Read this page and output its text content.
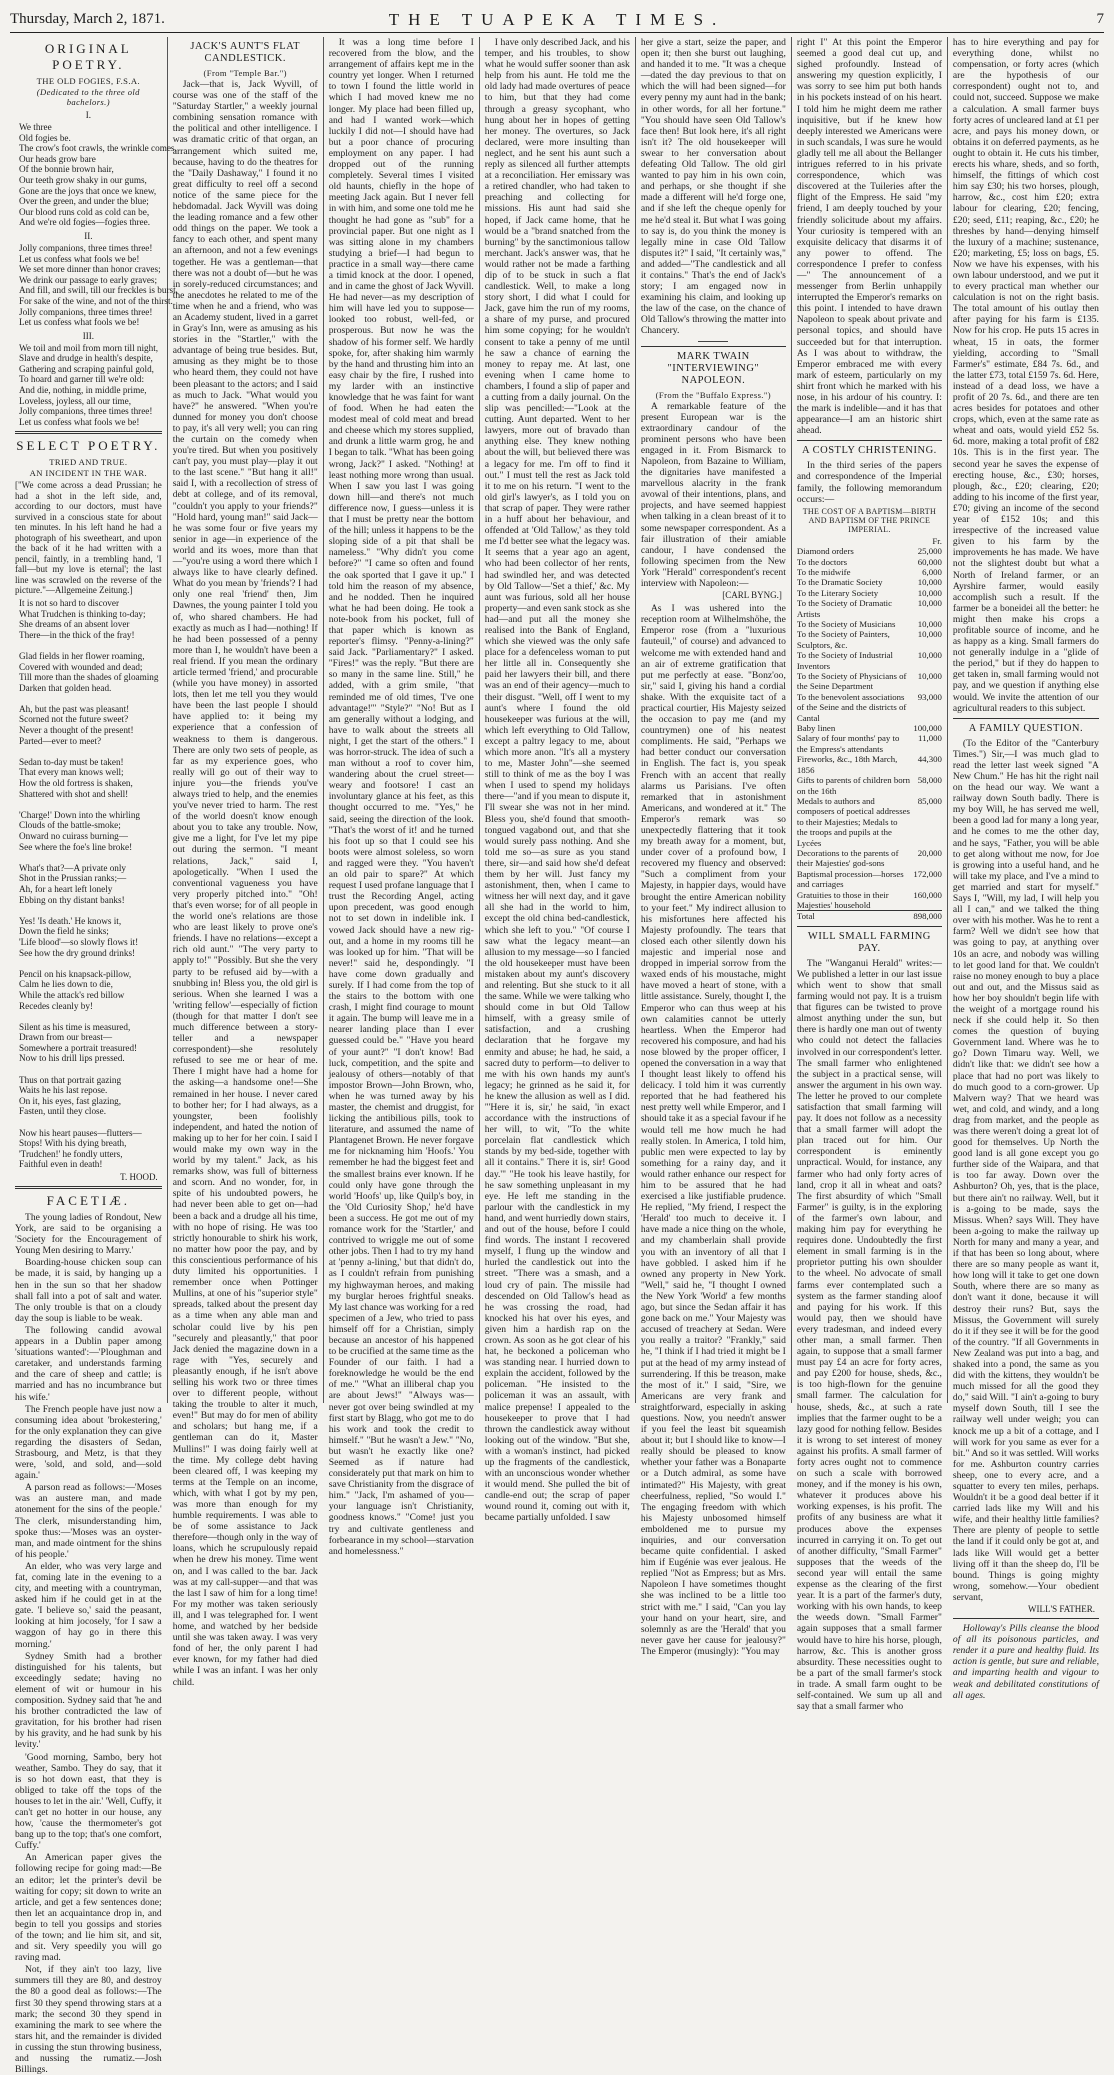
Thursday, March 2, 1871.	THE TUAPEKA TIMES.	7
ORIGINAL POETRY.
THE OLD FOGIES, F.S.A.
(Dedicated to the three old bachelors.)
I.
We three
Old fogies be.
The crow's foot crawls, the wrinkle comes,
Our heads grow bare
Of the bonnie brown hair,
Our teeth grow shaky in our gums,
Gone are the joys that once we knew,
Over the green, and under the blue;
Our blood runs cold as cold can be,
And we're old fogies—fogies three.
II.
Jolly companions, three times three!
Let us confess what fools we be!
We set more dinner than honor craves;
We drink our passage to early graves;
And fill, and swill, till our freckles is burst,
For sake of the wine, and not of the thirst.
Jolly companions, three times three!
Let us confess what fools we be!
III.
We toil and moil from morn till night,
Slave and drudge in health's despite,
Gathering and scraping painful gold,
To hoard and garner till we're old:
And die, nothing, in middle prime,
Loveless, joyless, all our time,
Jolly companions, three times three!
Let us confess what fools we be!
SELECT POETRY.
TRIED AND TRUE.
AN INCIDENT IN THE WAR.
["We come across a dead Prussian; he had a shot in the left side, and, according to our doctors, must have survived in a conscious state for about ten minutes. In his left hand he had a photograph of his sweetheart, and upon the back of it he had written with a pencil, faintly, in a trembling hand, 'I fall—but my love is eternal'; the last line was scrawled on the reverse of the picture."—Allgemeine Zeitung.]
It is not so hard to discover
What Trudchen is thinking to-day;
She dreams of an absent lover
There—in the thick of the fray!

Glad fields in her flower roaming,
Covered with wounded and dead;
Till more than the shades of gloaming
Darken that golden head.

Ah, but the past was pleasant!
Scorned not the future sweet?
Never a thought of the present!
Parted—ever to meet?

Sedan to-day must be taken!
That every man knows well;
How the old fortress is shaken,
Shattered with shot and shell!

'Charge!' Down into the whirling
Clouds of the battle-smoke;
Onward no cuirass burning—
See where the foe's line broke!

What's that?—A private only
Shot in the Prussian ranks;—
Ah, for a heart left lonely
Ebbing on thy distant banks!

Yes! 'Is death.' He knows it,
Down the field he sinks;
'Life blood'—so slowly flows it!
See how the dry ground drinks!

Pencil on his knapsack-pillow,
Calm he lies down to die,
While the attack's red billow
Recedes cleanly by!

Silent as his time is measured,
Drawn from our breast—
Somewhere a portrait treasured!
Now to his drill lips pressed.

Thus on that portrait gazing
Waits he his last repose.
On it, his eyes, fast glazing,
Fasten, until they close.

Now his heart pauses—flutters—
Stops! With his dying breath,
'Trudchen!' he fondly utters,
Faithful even in death!
T. HOOD.
FACETIÆ.

The young ladies of Rondout, New York, are said to be organising a 'Society for the Encouragement of Young Men desiring to Marry.'

Boarding-house chicken soup can be made, it is said, by hanging up a hen in the sun so that her shadow shall fall into a pot of salt and water. The only trouble is that on a cloudy day the soup is liable to be weak.

The following candid avowal appears in a Dublin paper among 'situations wanted':—'Ploughman and caretaker, and understands farming and the care of sheep and cattle; is married and has no incumbrance but his wife.'

The French people have just now a consuming idea about 'brokestering,' for the only explanation they can give regarding the disasters of Sedan, Strasbourg, and Metz, is that they were, 'sold, and sold, and—sold again.'

A parson read as follows:—'Moses was an austere man, and made atonement for the sins of the people.' The clerk, misunderstanding him, spoke thus:—'Moses was an oyster-man, and made ointment for the shins of his people.'

An elder, who was very large and fat, coming late in the evening to a city, and meeting with a countryman, asked him if he could get in at the gate. 'I believe so,' said the peasant, looking at him jocosely, 'for I saw a waggon of hay go in there this morning.'

Sydney Smith had a brother distinguished for his talents, but exceedingly sedate; having no element of wit or humour in his composition. Sydney said that 'he and his brother contradicted the law of gravitation, for his brother had risen by his gravity, and he had sunk by his levity.'

'Good morning, Sambo, bery hot weather, Sambo. They do say, that it is so hot down east, that they is obliged to take off the tops of the houses to let in the air.' 'Well, Cuffy, it can't get no hotter in our house, any how, 'cause the thermometer's got bang up to the top; that's one comfort, Cuffy.'

An American paper gives the following recipe for going mad:—Be an editor; let the printer's devil be waiting for copy; sit down to write an article, and get a few sentences done; then let an acquaintance drop in, and begin to tell you gossips and stories of the town; and lie him sit, and sit, and sit. Very speedily you will go raving mad.

Not, if they ain't too lazy, live summers till they are 80, and destroy the 80 a good deal as follows:—The first 30 they spend throwing stars at a mark; the second 30 they spend in examining the mark to see where the stars hit, and the remainder is divided in cussing the stun throwing business, and nussing the rumatiz.—Josh Billings.

JACK'S AUNT'S FLAT CANDLESTICK.
(From "Temple Bar.")

Jack—that is, Jack Wyvill, of course was one of the staff of the "Saturday Startler," a weekly journal combining sensation romance with the political and other intelligence. I was dramatic critic of that organ, an arrangement which suited me, because, having to do the theatres for the "Daily Dashaway," I found it no great difficulty to reel off a second notice of the same piece for the hebdomadal. Jack Wyvill was doing the leading romance and a few other odd things on the paper. We took a fancy to each other, and spent many an afternoon, and not a few evenings together. He was a gentleman—that there was not a doubt of—but he was in sorely-reduced circumstances; and the anecdotes he related to me of the time when he and a friend, who was an Academy student, lived in a garret in Gray's Inn, were as amusing as his stories in the "Startler," with the advantage of being true besides. But, amusing as they might be to those who heard them, they could not have been pleasant to the actors; and I said as much to Jack. "What would you have?" he answered. "When you're dunned for money you don't choose to pay, it's all very well; you can ring the curtain on the comedy when you're tired. But when you positively can't pay, you must play—play it out to the last scene." "But hang it all!" said I, with a recollection of stress of debt at college, and of its removal, "couldn't you apply to your friends?" "Hold hard, young man!" said Jack—he was some four or five years my senior in age—in experience of the world and its woes, more than that—"you're using a word there which I always like to have clearly defined. What do you mean by 'friends'? I had only one real 'friend' then, Jim Dawnes, the young painter I told you of, who shared chambers. He had exactly as much as I had—nothing! If he had been possessed of a penny more than I, he wouldn't have been a real friend. If you mean the ordinary article termed 'friend,' and procurable (while you have money) in assorted lots, then let me tell you they would have been the last people I should have applied to: it being my experience that a confession of weakness to them is dangerous. There are only two sets of people, as far as my experience goes, who really will go out of their way to injure you—the friends you've always tried to help, and the enemies you've never tried to harm. The rest of the world doesn't know enough about you to take any trouble. Now, give me a light, for I've let my pipe out during the sermon. "I meant relations, Jack," said I, apologetically. "When I used the conventional vagueness you have very properly pitched into." "Oh! that's even worse; for of all people in the world one's relations are those who are least likely to prove one's friends. I have no relations—except a rich old aunt." "The very party to apply to!" "Possibly. But she the very party to be refused aid by—with a snubbing in! Bless you, the old girl is serious. When she learned I was a 'writing fellow'—especially of fiction (though for that matter I don't see much difference between a story-teller and a newspaper correspondent)—she resolutely refused to see me or hear of me. There I might have had a home for the asking—a handsome one!—She remained in her house. I never cared to bother her; for I had always, as a youngster, been foolishly independent, and hated the notion of making up to her for her coin. I said I would make my own way in the world by my talent." Jack, as his remarks show, was full of bitterness and scorn. And no wonder, for, in spite of his undoubted powers, he had never been able to get on—had been a back and a drudge all his time, with no hope of rising. He was too strictly honourable to shirk his work, no matter how poor the pay, and by this conscientious performance of his duty limited his opportunities. I remember once when Pottinger Mullins, at one of his "superior style" spreads, talked about the present day as a time when any able man and scholar could live by his pen "securely and pleasantly," that poor Jack denied the magazine down in a rage with "Yes, securely and pleasantly enough, if he isn't above selling his work two or three times over to different people, without taking the trouble to alter it much, even!" But may do for men of ability and scholars; but hang me, if a gentleman can do it, Master Mullins!" I was doing fairly well at the time. My college debt having been cleared off, I was keeping my terms at the Temple on an income, which, with what I got by my pen, was more than enough for my humble requirements. I was able to be of some assistance to Jack therefore—though only in the way of loans, which he scrupulously repaid when he drew his money. Time went on, and I was called to the bar. Jack was at my call-supper—and that was the last I saw of him for a long time! For my mother was taken seriously ill, and I was telegraphed for. I went home, and watched by her bedside until she was taken away. I was very fond of her, the only parent I had ever known, for my father had died while I was an infant. I was her only child.

It was a long time before I recovered from the blow, and the arrangement of affairs kept me in the country yet longer. When I returned to town I found the little world in which I had moved knew me no longer. My place had been filled up, and had I wanted work—which luckily I did not—I should have had but a poor chance of procuring employment on any paper. I had dropped out of the running completely. Several times I visited old haunts, chiefly in the hope of meeting Jack again. But I never fell in with him, and some one told me he thought he had gone as "sub" for a provincial paper. But one night as I was sitting alone in my chambers studying a brief—I had begun to practice in a small way—there came a timid knock at the door. I opened, and in came the ghost of Jack Wyvill. He had never—as my description of him will have led you to suppose—looked too robust, well-fed, or prosperous. But now he was the shadow of his former self. We hardly spoke, for, after shaking him warmly by the hand and thrusting him into an easy chair by the fire, I rushed into my larder with an instinctive knowledge that he was faint for want of food. When he had eaten the modest meal of cold meat and bread and cheese which my stores supplied, and drunk a little warm grog, he and I began to talk. "What has been going wrong, Jack?" I asked. "Nothing! at least nothing more wrong than usual. When I saw you last I was going down hill—and there's not much difference now, I guess—unless it is that I must be pretty near the bottom of the hill; unless it happens to be the sloping side of a pit that shall be nameless." "Why didn't you come before?" "I came so often and found the oak sported that I gave it up." I told him the reason of my absence, and he nodded. Then he inquired what he had been doing. He took a note-book from his pocket, full of that paper which is known as reporter's flimsy. "Penny-a-lining?" said Jack. "Parliamentary?" I asked. "Fires!" was the reply. "But there are so many in the same line. Still," he added, with a grim smile, "that reminded me of old times, 'I've one advantage!'" "Style?" "No! But as I am generally without a lodging, and have to walk about the streets all night, I get the start of the others." I was horror-struck. The idea of such a man without a roof to cover him, wandering about the cruel street—weary and footsore! I cast an involuntary glance at his feet, as this thought occurred to me. "Yes," he said, seeing the direction of the look. "That's the worst of it! and he turned his foot up so that I could see his boots were almost soleless, so worn and ragged were they. "You haven't an old pair to spare?" At which request I used profane language that I trust the Recording Angel, acting upon precedent, was good enough not to set down in indelible ink. I vowed Jack should have a new rig-out, and a home in my rooms till he was looked up for him. "That will be never!" said he, despondingly. "I have come down gradually and surely. If I had come from the top of the stairs to the bottom with one crash, I might find courage to mount it again. The bump will leave me in a nearer landing place than I ever guessed could be." "Have you heard of your aunt?" "I don't know! Bad luck, competition, and the spite and jealousy of others—notably of that impostor Brown—John Brown, who, when he was turned away by his master, the chemist and druggist, for licking the antibilious pills, took to literature, and assumed the name of Plantagenet Brown. He never forgave me for nicknaming him 'Hoofs.' You remember he had the biggest feet and the smallest brains ever known. If he could only have gone through the world 'Hoofs' up, like Quilp's boy, in the 'Old Curiosity Shop,' he'd have been a success. He got me out of my romance work for the 'Startler,' and contrived to wriggle me out of some other jobs. Then I had to try my hand at 'penny a-lining,' but that didn't do, as I couldn't refrain from punishing my highwayman heroes, and making my burglar heroes frightful sneaks. My last chance was working for a red specimen of a Jew, who tried to pass himself off for a Christian, simply because an ancestor of his happened to be crucified at the same time as the Founder of our faith. I had a foreknowledge he would be the end of me." "What an illiberal chap you are about Jews!" "Always was—never got over being swindled at my first start by Blagg, who got me to do his work and took the credit to himself." "But he wasn't a Jew." "No, but wasn't he exactly like one? Seemed as if nature had considerately put that mark on him to save Christianity from the disgrace of him." "Jack, I'm ashamed of you—your language isn't Christianity, goodness knows." "Come! just you try and cultivate gentleness and forbearance in my school—starvation and homelessness."

I have only described Jack, and his temper, and his troubles, to show what he would suffer sooner than ask help from his aunt. He told me the old lady had made overtures of peace to him, but that they had come through a greasy sycophant, who hung about her in hopes of getting her money. The overtures, so Jack declared, were more insulting than neglect, and he sent his aunt such a reply as silenced all further attempts at a reconciliation. Her emissary was a retired chandler, who had taken to preaching and collecting for missions. His aunt had said she hoped, if Jack came home, that he would be a "brand snatched from the burning" by the sanctimonious tallow merchant. Jack's answer was, that he would rather not be made a farthing dip of to be stuck in such a flat candlestick. Well, to make a long story short, I did what I could for Jack, gave him the run of my rooms, a share of my purse, and procured him some copying; for he wouldn't consent to take a penny of me until he saw a chance of earning the money to repay me. At last, one evening when I came home to chambers, I found a slip of paper and a cutting from a daily journal. On the slip was pencilled:—"Look at the cutting. Aunt departed. Went to her lawyers, more out of bravado than anything else. They knew nothing about the will, but believed there was a legacy for me. I'm off to find it out." I must tell the rest as Jack told it to me on his return. "I went to the old girl's lawyer's, as I told you on that scrap of paper. They were rather in a huff about her behaviour, and offended at 'Old Tallow,' as they told me I'd better see what the legacy was. It seems that a year ago an agent, who had been collector of her rents, had swindled her, and was detected by Old Tallow—'Set a thief,' &c. My aunt was furious, sold all her house property—and even sank stock as she had—and put all the money she realised into the Bank of England, which she viewed was the only safe place for a defenceless woman to put her little all in. Consequently she paid her lawyers their bill, and there was an end of their agency—much to their disgust. "Well, off I went to my aunt's where I found the old housekeeper was furious at the will, which left everything to Old Tallow, except a paltry legacy to me, about which more anon. "It's all a mystery to me, Master John"—she seemed still to think of me as the boy I was when I used to spend my holidays there—"and if you mean to dispute it, I'll swear she was not in her mind. Bless you, she'd found that smooth-tongued vagabond out, and that she would surely pass nothing. And she told me so—as sure as you stand there, sir—and said how she'd defeat them by her will. Just fancy my astonishment, then, when I came to witness her will next day, and it gave all she had in the world to him, except the old china bed-candlestick, which she left to you." "Of course I saw what the legacy meant—an allusion to my message—so I fancied the old housekeeper must have been mistaken about my aunt's discovery and relenting. But she stuck to it all the same. While we were talking who should come in but Old Tallow himself, with a greasy smile of satisfaction, and a crushing declaration that he forgave my enmity and abuse; he had, he said, a sacred duty to perform—to deliver to me with his own hands my aunt's legacy; he grinned as he said it, for he knew the allusion as well as I did. "'Here it is, sir,' he said, 'in exact accordance with the instructions of her will, to wit, "To the white porcelain flat candlestick which stands by my bed-side, together with all it contains." There it is, sir! Good day.'" "He took his leave hastily, for he saw something unpleasant in my eye. He left me standing in the parlour with the candlestick in my hand, and went hurriedly down stairs, and out of the house, before I could find words. The instant I recovered myself, I flung up the window and hurled the candlestick out into the street. "There was a smash, and a loud cry of pain. The missile had descended on Old Tallow's head as he was crossing the road, had knocked his hat over his eyes, and given him a hardish rap on the crown. As soon as he got clear of his hat, he beckoned a policeman who was standing near. I hurried down to explain the accident, followed by the policeman. "He insisted to the policeman it was an assault, with malice prepense! I appealed to the housekeeper to prove that I had thrown the candlestick away without looking out of the window. "But she, with a woman's instinct, had picked up the fragments of the candlestick, with an unconscious wonder whether it would mend. She pulled the bit of candle-end out; the scrap of paper wound round it, coming out with it, became partially unfolded. I saw

her give a start, seize the paper, and open it; then she burst out laughing, and handed it to me. "It was a cheque—dated the day previous to that on which the will had been signed—for every penny my aunt had in the bank; in other words, for all her fortune." "You should have seen Old Tallow's face then! But look here, it's all right isn't it? The old housekeeper will swear to her conversation about defeating Old Tallow. The old girl wanted to pay him in his own coin, and perhaps, or she thought if she made a different will he'd forge one, and if she left the cheque openly for me he'd steal it. But what I was going to say is, do you think the money is legally mine in case Old Tallow disputes it?" I said, "It certainly was," and added—"The candlestick and all it contains." That's the end of Jack's story; I am engaged now in examining his claim, and looking up the law of the case, on the chance of Old Tallow's throwing the matter into Chancery.

MARK TWAIN "INTERVIEWING" NAPOLEON.
(From the "Buffalo Express.")

A remarkable feature of the present European war is the extraordinary candour of the prominent persons who have been engaged in it. From Bismarck to Napoleon, from Bazaine to William, the dignitaries have manifested a marvellous alacrity in the frank avowal of their intentions, plans, and projects, and have seemed happiest when talking in a clean breast of it to some newspaper correspondent. As a fair illustration of their amiable candour, I have condensed the following specimen from the New York "Herald" correspondent's recent interview with Napoleon:—

[CARL BYNG.]

As I was ushered into the reception room at Wilhelmshöhe, the Emperor rose (from a "luxurious fauteuil," of course) and advanced to welcome me with extended hand and an air of extreme gratification that put me perfectly at ease. "Bonz'oo, sir," said I, giving his hand a cordial shake. With the exquisite tact of a practical courtier, His Majesty seized the occasion to pay me (and my countrymen) one of his neatest compliments. He said, "Perhaps we had better conduct our conversation in English. The fact is, you speak French with an accent that really alarms us Parisians. I've often remarked that in astonishment Americans, and wondered at it." The Emperor's remark was so unexpectedly flattering that it took my breath away for a moment, but, under cover of a profound bow, I recovered my fluency and observed: "Such a compliment from your Majesty, in happier days, would have brought the entire American nobility to your feet." My indirect allusion to his misfortunes here affected his Majesty profoundly. The tears that closed each other silently down his majestic and imperial nose and dropped in imperial sorrow from the waxed ends of his moustache, might have moved a heart of stone, with a little assistance. Surely, thought I, the Emperor who can thus weep at his own calamities cannot be utterly heartless. When the Emperor had recovered his composure, and had his nose blowed by the proper officer, I opened the conversation in a way that I thought least likely to offend his delicacy. I told him it was currently reported that he had feathered his nest pretty well while Emperor, and I should take it as a special favour if he would tell me how much he had really stolen. In America, I told him, public men were expected to lay by something for a rainy day, and it would rather enhance our respect for him to be assured that he had exercised a like justifiable prudence. He replied, "My friend, I respect the 'Herald' too much to deceive it. I have made a nice thing on the whole, and my chamberlain shall provide you with an inventory of all that I have gobbled. I asked him if he owned any property in New York. "Well," said he, "I thought I owned the New York 'World' a few months ago, but since the Sedan affair it has gone back on me." Your Majesty was accused of treachery at Sedan. Were you really a traitor? "Frankly," said he, "I think if I had tried it might be I put at the head of my army instead of surrendering. If this be treason, make the most of it." I said, "Sire, we Americans are very frank and straightforward, especially in asking questions. Now, you needn't answer if you feel the least bit squeamish about it; but I should like to know—I really should be pleased to know whether your father was a Bonaparte or a Dutch admiral, as some have intimated?" His Majesty, with great cheerfulness, replied, "So would I." The engaging freedom with which his Majesty unbosomed himself emboldened me to pursue my inquiries, and our conversation became quite confidential. I asked him if Eugénie was ever jealous. He replied "Not as Empress; but as Mrs. Napoleon I have sometimes thought she was inclined to be a little too strict with me." I said, "Can you lay your hand on your heart, sire, and solemnly as are the 'Herald' that you never gave her cause for jealousy?" The Emperor (musingly): "You may

right I" At this point the Emperor seemed a good deal cut up, and sighed profoundly. Instead of answering my question explicitly, I was sorry to see him put both hands in his pockets instead of on his heart. I told him he might deem me rather inquisitive, but if he knew how deeply interested we Americans were in such scandals, I was sure he would gladly tell me all about the Bellanger intrigues referred to in his private correspondence, which was discovered at the Tuileries after the flight of the Empress. He said "my friend, I am deeply touched by your friendly solicitude about my affairs. Your curiosity is tempered with an exquisite delicacy that disarms it of any power to offend. The correspondence I prefer to confess—" The announcement of a messenger from Berlin unhappily interrupted the Emperor's remarks on this point. I intended to have drawn Napoleon to speak about private and personal topics, and should have succeeded but for that interruption. As I was about to withdraw, the Emperor embraced me with every mark of esteem, particularly on my shirt front which he marked with his nose, in his ardour of his country. I: the mark is indelible—and it has that appearance—I am an historic shirt ahead.

A COSTLY CHRISTENING.

In the third series of the papers and correspondence of the Imperial family, the following memorandum occurs:—

THE COST OF A BAPTISM—BIRTH AND BAPTISM OF THE PRINCE IMPERIAL.
	Fr.
Diamond orders	25,000
To the doctors	60,000
To the midwife	6,000
To the Dramatic Society	10,000
To the Literary Society	10,000
To the Society of Dramatic Artists	10,000
To the Society of Musicians	10,000
To the Society of Painters, Sculptors, &c.	10,000
To the Society of Industrial Inventors	10,000
To the Society of Physicians of the Seine Department	10,000
To the benevolent associations of the Seine and the districts of Cantal	93,000
Baby linen	100,000
Salary of four months' pay to the Empress's attendants	11,000
Fireworks, &c., 18th March, 1856	44,300
Gifts to parents of children born on the 16th	58,000
Medals to authors and composers of poetical addresses to their Majesties; Medals to the troops and pupils at the Lycées	85,000
Decorations to the parents of their Majesties' god-sons	20,000
Baptismal procession—horses and carriages	172,000
Gratuities to those in their Majesties' household	160,000
Total	898,000
WILL SMALL FARMING PAY.

The "Wanganui Herald" writes:—We published a letter in our last issue which went to show that small farming would not pay. It is a truism that figures can be twisted to prove almost anything under the sun, but there is hardly one man out of twenty who could not detect the fallacies involved in our correspondent's letter. The small farmer who enlightened the subject in a practical sense, will answer the argument in his own way. The letter he proved to our complete satisfaction that small farming will pay. It does not follow as a necessity that a small farmer will adopt the plan traced out for him. Our correspondent is eminently unpractical. Would, for instance, any farmer who had only forty acres of land, crop it all in wheat and oats? The first absurdity of which "Small Farmer" is guilty, is in the exploring of the farmer's own labour, and making him pay for everything he requires done. Undoubtedly the first element in small farming is in the proprietor putting his own shoulder to the wheel. No advocate of small farms ever contemplated such a system as the farmer standing aloof and paying for his work. If this would pay, then we should have every tradesman, and indeed every other man, a small farmer. Then again, to suppose that a small farmer must pay £4 an acre for forty acres, and pay £200 for house, sheds, &c., is too high-flown for the genuine small farmer. The calculation for house, sheds, &c., at such a rate implies that the farmer ought to be a lazy good for nothing fellow. Besides it is wrong to set interest of money against his profits. A small farmer of forty acres ought not to commence on such a scale with borrowed money, and if the money is his own, whatever it produces above his working expenses, is his profit. The profits of any business are what it produces above the expenses incurred in carrying it on. To get out of another difficulty, "Small Farmer" supposes that the weeds of the second year will entail the same expense as the clearing of the first year. It is a part of the farmer's duty, working with his own hands, to keep the weeds down. "Small Farmer" again supposes that a small farmer would have to hire his horse, plough, harrow, &c. This is another gross absurdity. These necessities ought to be a part of the small farmer's stock in trade. A small farm ought to be self-contained. We sum up all and say that a small farmer who

has to hire everything and pay for everything done, whilst no compensation, or forty acres (which are the hypothesis of our correspondent) ought not to, and could not, succeed. Suppose we make a calculation. A small farmer buys forty acres of uncleared land at £1 per acre, and pays his money down, or obtains it on deferred payments, as he ought to obtain it. He cuts his timber, erects his whare, sheds, and so forth, himself, the fittings of which cost him say £30; his two horses, plough, harrow, &c., cost him £20; extra labour for clearing, £20; fencing, £20; seed, £11; reaping, &c., £20; he threshes by hand—denying himself the luxury of a machine; sustenance, £20; marketing, £5; loss on bags, £5. Now we have his expenses, with his own labour understood, and we put it to every practical man whether our calculation is not on the right basis. The total amount of his outlay then after paying for his farm is £135. Now for his crop. He puts 15 acres in wheat, 15 in oats, the former yielding, according to "Small Farmer's" estimate, £84 7s. 6d., and the latter £73, total £159 7s. 6d. Here, instead of a dead loss, we have a profit of 20 7s. 6d., and there are ten acres besides for potatoes and other crops, which, even at the same rate as wheat and oats, would yield £52 5s. 6d. more, making a total profit of £82 10s. This is in the first year. The second year he saves the expense of erecting house, &c., £30; horses, plough, &c., £20; clearing, £20; adding to his income of the first year, £70; giving an income of the second year of £152 10s; and this irrespective of the increased value given to his farm by the improvements he has made. We have not the slightest doubt but what a North of Ireland farmer, or an Ayrshire farmer, would easily accomplish such a result. If the farmer be a boneidei all the better: he might then make his crops a profitable source of income, and he as happy as a king. Small farmers do not generally indulge in a "glide of the period," but if they do happen to get taken in, small farming would not pay, and we question if anything else would. We invite the attention of our agricultural readers to this subject.

A FAMILY QUESTION.

(To the Editor of the "Canterbury Times.") Sir,—I was much glad to read the letter last week signed "A New Chum." He has hit the right nail on the head our way. We want a railway down South badly. There is my boy Will, he has served me well, been a good lad for many a long year, and he comes to me the other day, and he says, "Father, you will be able to get along without me now, for Joe is growing into a useful hand, and he will take my place, and I've a mind to get married and start for myself." Says I, "Will, my lad, I will help you all I can," and we talked the thing over with his mother. Was he to rent a farm? Well we didn't see how that was going to pay, at anything over 10s an acre, and nobody was willing to let good land for that. We couldn't raise no money enough to buy a place out and out, and the Missus said as how her boy shouldn't begin life with the weight of a mortgage round his neck if she could help it. So then comes the question of buying Government land. Where was he to go? Down Timaru way. Well, we didn't like that: we didn't see how a place that had no port was likely to do much good to a corn-grower. Up Malvern way? That we heard was wet, and cold, and windy, and a long drag from market, and the people as was there weren't doing a great lot of good for themselves. Up North the good land is all gone except you go further side of the Waipara, and that is too far away. Down over the Ashburton? Oh, yes, that is the place, but there ain't no railway. Well, but it is a-going to be made, says the Missus. When? says Will. They have been a-going to make the railway up North for many and many a year, and if that has been so long about, where there are so many people as want it, how long will it take to get one down South, where there are so many as don't want it done, because it will destroy their runs? But, says the Missus, the Government will surely do it if they see it will be for the good of the country. "If all Governments in New Zealand was put into a bag, and shaked into a pond, the same as you did with the kittens, they wouldn't be much missed for all the good they do," said Will. "I ain't a-going to bury myself down South, till I see the railway well under weigh; you can knock me up a bit of a cottage, and I will work for you same as ever for a bit." And so it was settled. Will works for me. Ashburton country carries sheep, one to every acre, and a squatter to every ten miles, perhaps. Wouldn't it be a good deal better if it carried lads like my Will and his wife, and their healthy little families? There are plenty of people to settle the land if it could only be got at, and lads like Will would get a better living off it than the sheep do, I'll be bound. Things is going mighty wrong, somehow.—Your obedient servant,

WILL'S FATHER.

Holloway's Pills cleanse the blood of all its poisonous particles, and render it a pure and healthy fluid. Its action is gentle, but sure and reliable, and imparting health and vigour to weak and debilitated constitutions of all ages.
